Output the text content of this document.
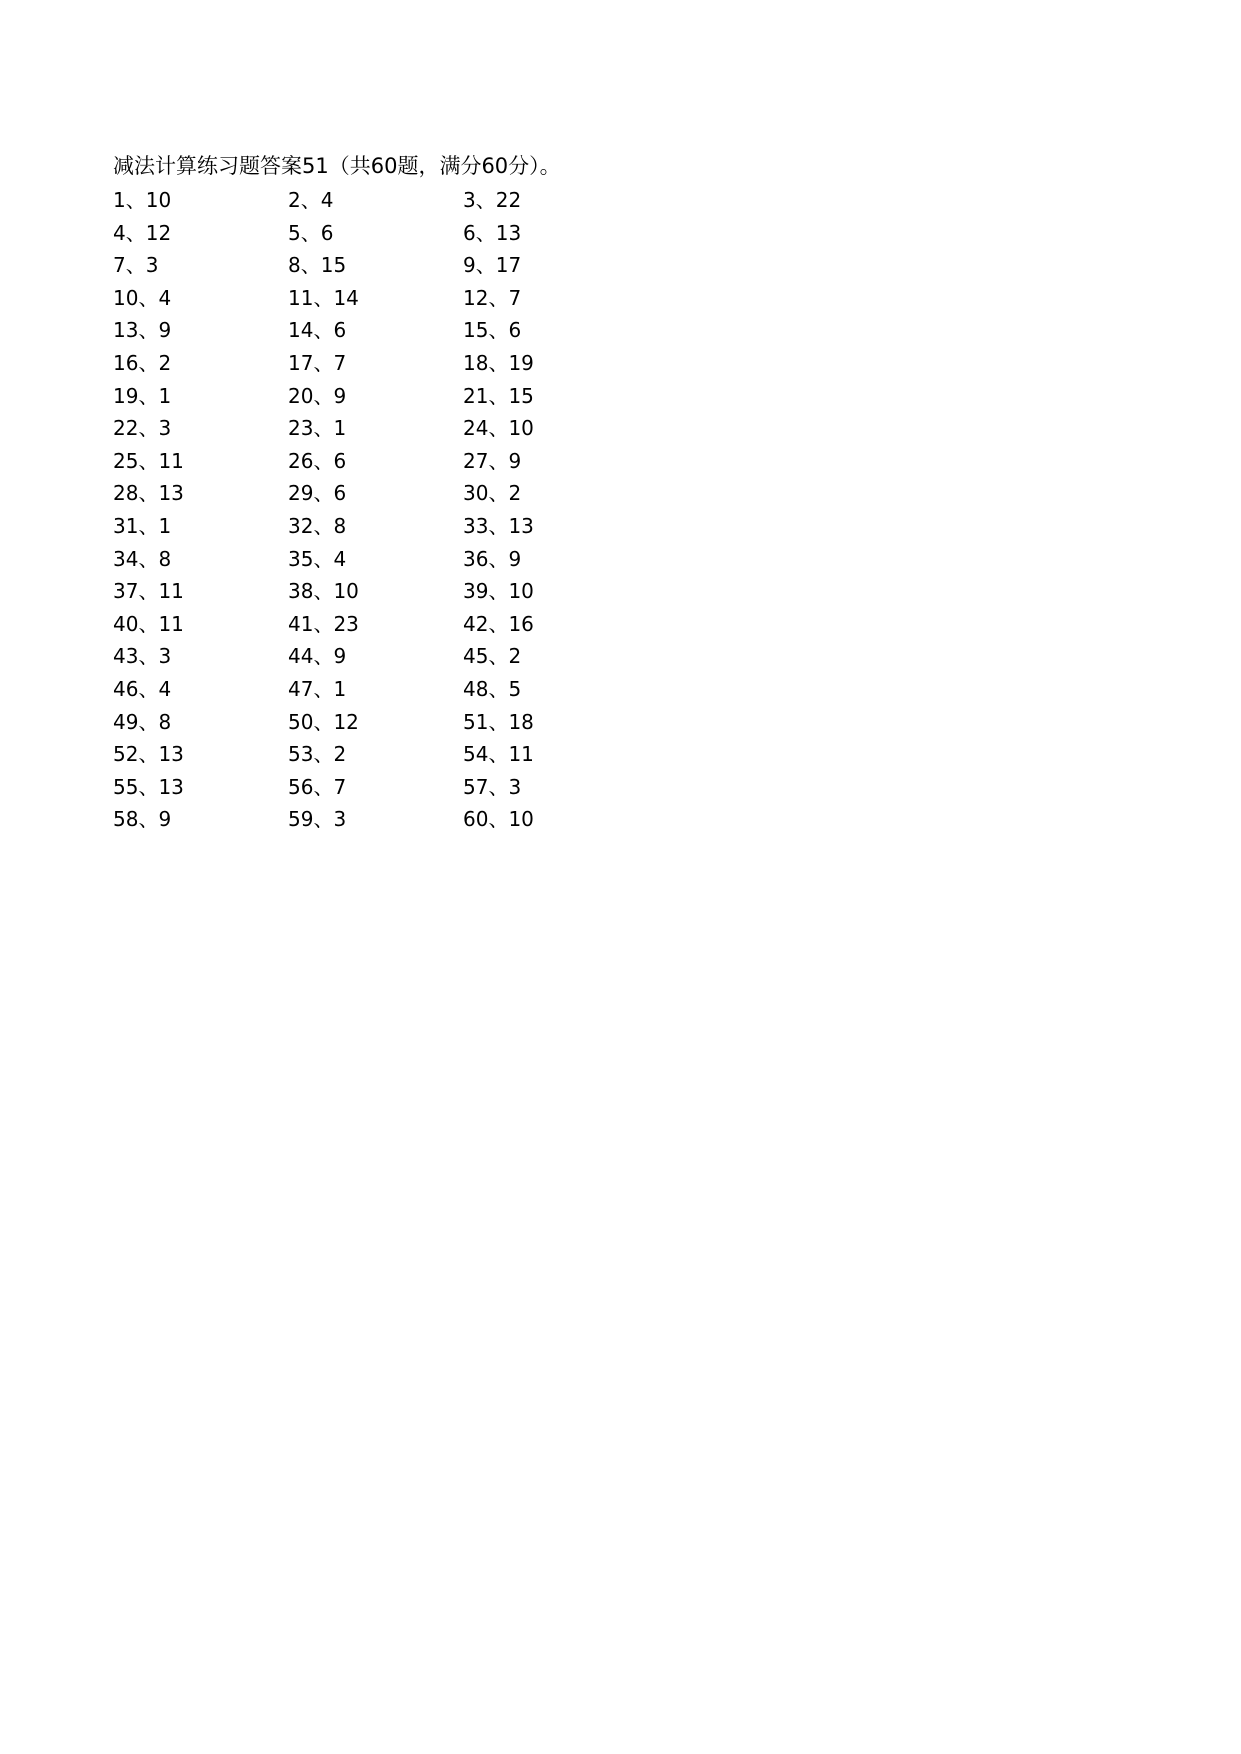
减法计算练习题答案51（共60题，满分60分）。
1、10	2、4	3、22
4、12	5、6	6、13
7、3	8、15	9、17
10、4	11、14	12、7
13、9	14、6	15、6
16、2	17、7	18、19
19、1	20、9	21、15
22、3	23、1	24、10
25、11	26、6	27、9
28、13	29、6	30、2
31、1	32、8	33、13
34、8	35、4	36、9
37、11	38、10	39、10
40、11	41、23	42、16
43、3	44、9	45、2
46、4	47、1	48、5
49、8	50、12	51、18
52、13	53、2	54、11
55、13	56、7	57、3
58、9	59、3	60、10
